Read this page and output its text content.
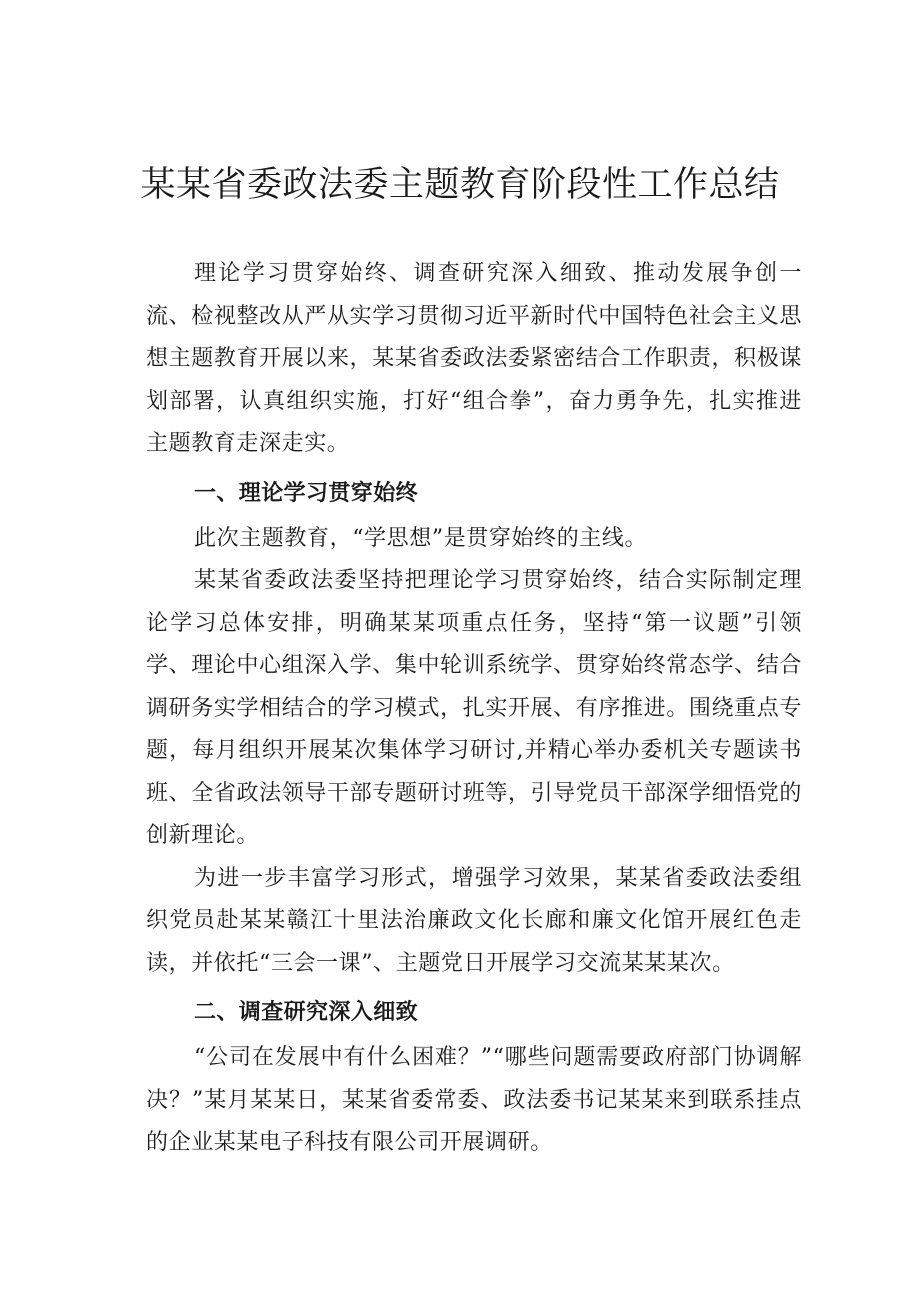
某某省委政法委主题教育阶段性工作总结

理论学习贯穿始终、调查研究深入细致、推动发展争创一流、检视整改从严从实学习贯彻习近平新时代中国特色社会主义思想主题教育开展以来，某某省委政法委紧密结合工作职责，积极谋划部署，认真组织实施，打好“组合拳”，奋力勇争先，扎实推进主题教育走深走实。

一、理论学习贯穿始终

此次主题教育，“学思想”是贯穿始终的主线。

某某省委政法委坚持把理论学习贯穿始终，结合实际制定理论学习总体安排，明确某某项重点任务，坚持“第一议题”引领学、理论中心组深入学、集中轮训系统学、贯穿始终常态学、结合调研务实学相结合的学习模式，扎实开展、有序推进。围绕重点专题，每月组织开展某次集体学习研讨,并精心举办委机关专题读书班、全省政法领导干部专题研讨班等，引导党员干部深学细悟党的创新理论。

为进一步丰富学习形式，增强学习效果，某某省委政法委组织党员赴某某赣江十里法治廉政文化长廊和廉文化馆开展红色走读，并依托“三会一课”、主题党日开展学习交流某某某次。

二、调查研究深入细致

“公司在发展中有什么困难？”“哪些问题需要政府部门协调解决？”某月某某日，某某省委常委、政法委书记某某来到联系挂点的企业某某电子科技有限公司开展调研。
